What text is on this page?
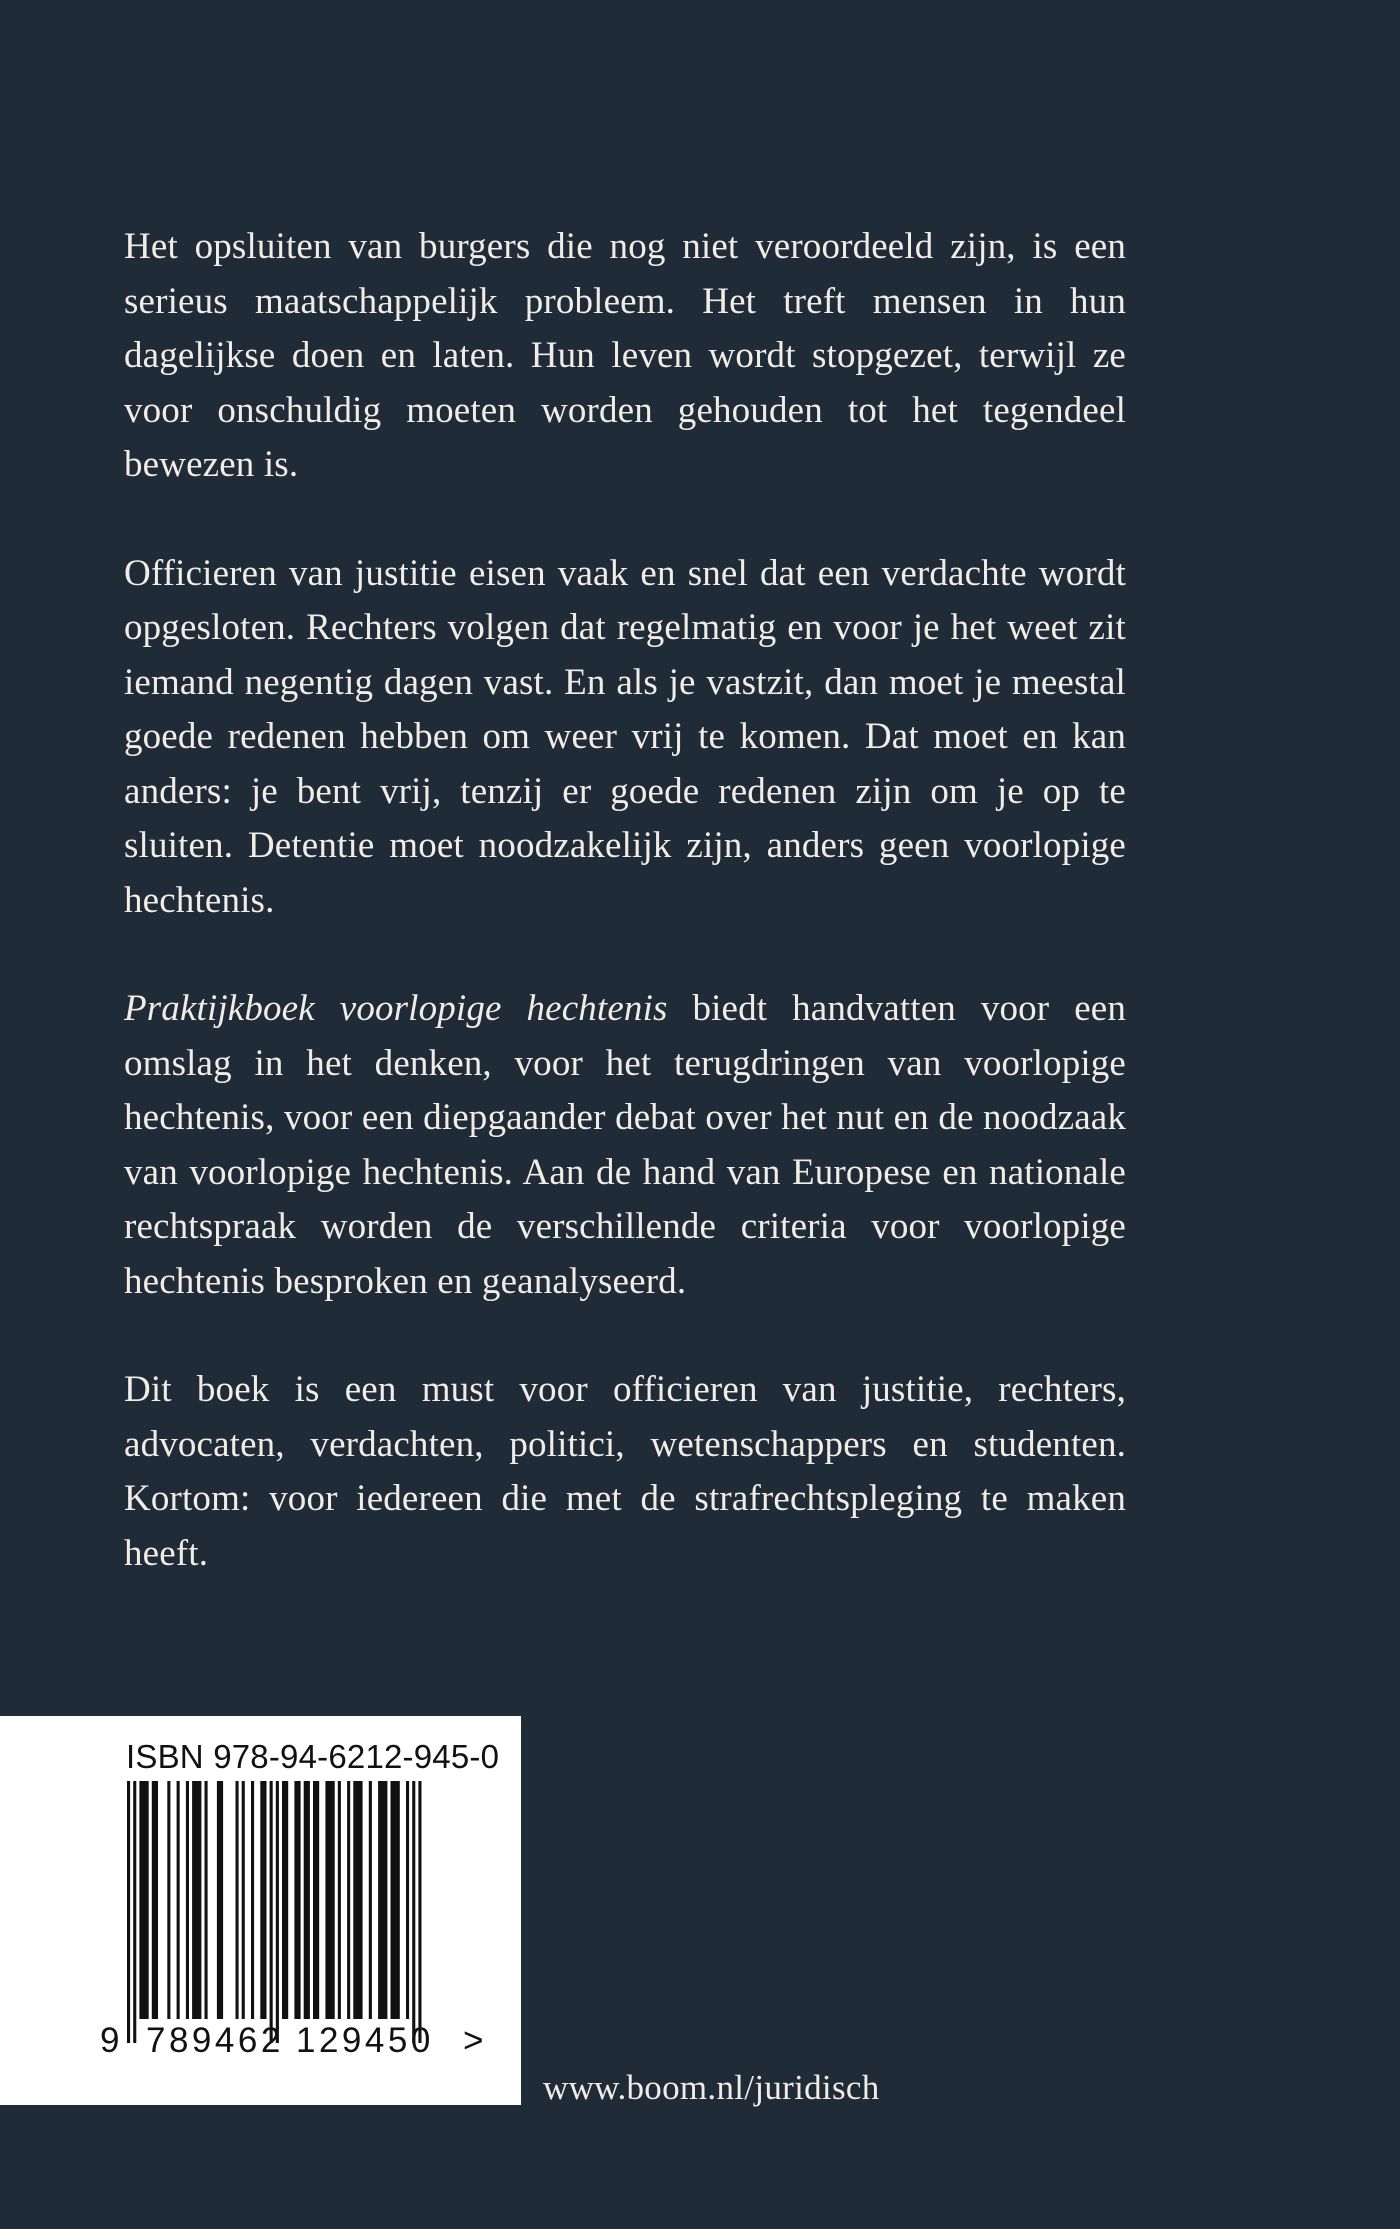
Het opsluiten van burgers die nog niet veroordeeld zijn, is een serieus maatschappelijk probleem. Het treft mensen in hun dagelijkse doen en laten. Hun leven wordt stopgezet, terwijl ze voor onschuldig moeten worden gehouden tot het tegendeel bewezen is.

Officieren van justitie eisen vaak en snel dat een verdachte wordt opgesloten. Rechters volgen dat regelmatig en voor je het weet zit iemand negentig dagen vast. En als je vastzit, dan moet je meestal goede redenen hebben om weer vrij te komen. Dat moet en kan anders: je bent vrij, tenzij er goede redenen zijn om je op te sluiten. Detentie moet noodzakelijk zijn, anders geen voorlopige hechtenis.

Praktijkboek voorlopige hechtenis biedt handvatten voor een omslag in het denken, voor het terugdringen van voorlopige hechtenis, voor een diepgaander debat over het nut en de noodzaak van voorlopige hechtenis. Aan de hand van Europese en nationale rechtspraak worden de verschillende criteria voor voorlopige hechtenis besproken en geanalyseerd.

Dit boek is een must voor officieren van justitie, rechters, advocaten, verdachten, politici, wetenschappers en studenten. Kortom: voor iedereen die met de strafrechtspleging te maken heeft.

ISBN 978-94-6212-945-0
9 789462 129450 >
www.boom.nl/juridisch
